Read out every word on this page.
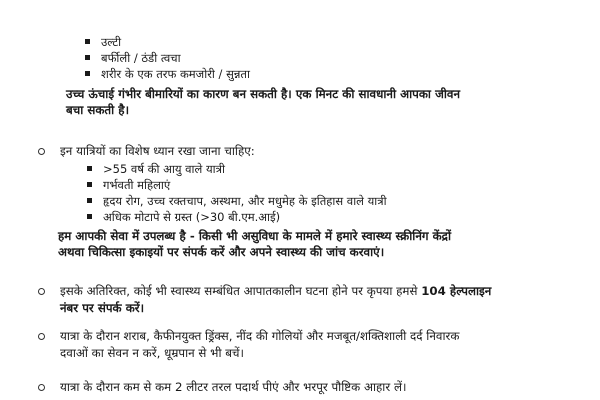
उल्टी
बर्फीली / ठंडी त्वचा
शरीर के एक तरफ कमजोरी / सुन्नता

उच्च ऊंचाई गंभीर बीमारियों का कारण बन सकती है। एक मिनट की सावधानी आपका जीवन
बचा सकती है।

इन यात्रियों का विशेष ध्यान रखा जाना चाहिए:
>55 वर्ष की आयु वाले यात्री
गर्भवती महिलाएं
हृदय रोग, उच्च रक्तचाप, अस्थमा, और मधुमेह के इतिहास वाले यात्री
अधिक मोटापे से ग्रस्त (>30 बी.एम.आई)

हम आपकी सेवा में उपलब्ध है - किसी भी असुविधा के मामले में हमारे स्वास्थ्य स्क्रीनिंग केंद्रों
अथवा चिकित्सा इकाइयों पर संपर्क करें और अपने स्वास्थ्य की जांच करवाएं।

इसके अतिरिक्त, कोई भी स्वास्थ्य सम्बंधित आपातकालीन घटना होने पर कृपया हमसे 104 हेल्पलाइन
नंबर पर संपर्क करें।
यात्रा के दौरान शराब, कैफीनयुक्त ड्रिंक्स, नींद की गोलियों और मजबूत/शक्तिशाली दर्द निवारक
दवाओं का सेवन न करें, धूम्रपान से भी बचें।
यात्रा के दौरान कम से कम 2 लीटर तरल पदार्थ पीएं और भरपूर पौष्टिक आहार लें।
